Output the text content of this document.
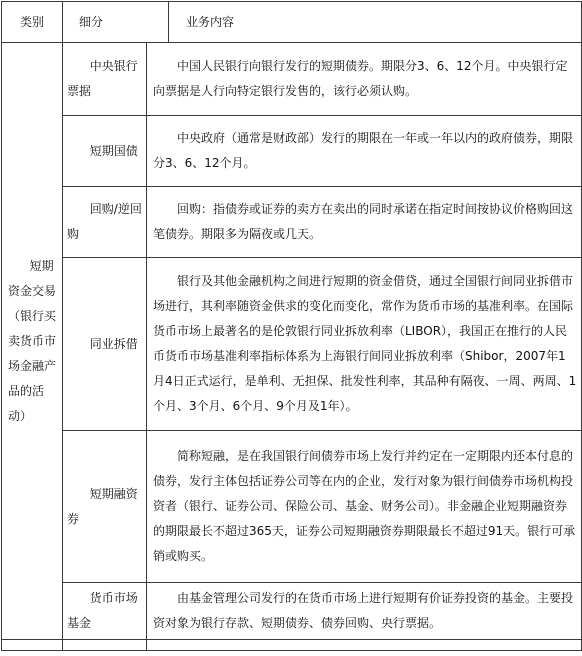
类别	细分 业务内容	

短期资金交易（银行买卖货币市场金融产品的活动）	中央银行票据	中国人民银行向银行发行的短期债券。期限分3、6、12个月。中央银行定向票据是人行向特定银行发售的，该行必须认购。

	短期国债	中央政府（通常是财政部）发行的期限在一年或一年以内的政府债券，期限分3、6、12个月。

	回购/逆回购	回购：指债券或证券的卖方在卖出的同时承诺在指定时间按协议价格购回这笔债券。期限多为隔夜或几天。

	同业拆借	银行及其他金融机构之间进行短期的资金借贷，通过全国银行间同业拆借市场进行，其利率随资金供求的变化而变化，常作为货币市场的基准利率。在国际货币市场上最著名的是伦敦银行同业拆放利率（LIBOR），我国正在推行的人民币货币市场基准利率指标体系为上海银行间同业拆放利率（Shibor，2007年1月4日正式运行，是单利、无担保、批发性利率，其品种有隔夜、一周、两周、1个月、3个月、6个月、9个月及1年）。

	短期融资券	简称短融，是在我国银行间债券市场上发行并约定在一定期限内还本付息的债券，发行主体包括证券公司等在内的企业，发行对象为银行间债券市场机构投资者（银行、证券公司、保险公司、基金、财务公司）。非金融企业短期融资券的期限最长不超过365天，证券公司短期融资券期限最长不超过91天。银行可承销或购买。

	货币市场基金	由基金管理公司发行的在货币市场上进行短期有价证券投资的基金。主要投资对象为银行存款、短期债券、债券回购、央行票据。
